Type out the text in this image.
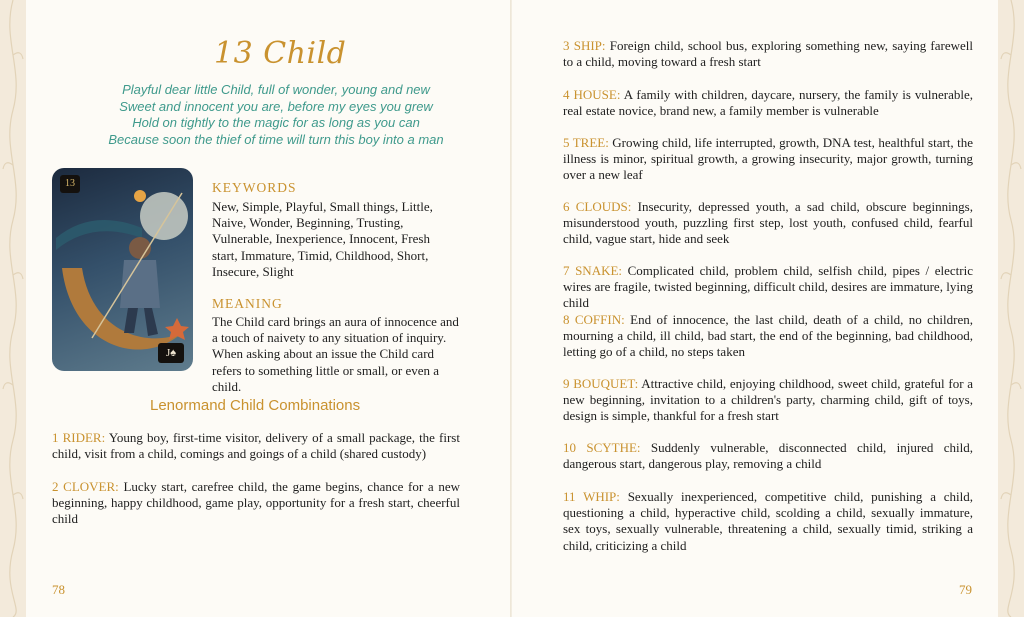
13 Child
Playful dear little Child, full of wonder, young and new
Sweet and innocent you are, before my eyes you grew
Hold on tightly to the magic for as long as you can
Because soon the thief of time will turn this boy into a man
13
J♠
KEYWORDS
New, Simple, Playful, Small things, Little, Naive, Wonder, Beginning, Trusting, Vulnerable, Inexperience, Innocent, Fresh start, Immature, Timid, Childhood, Short, Insecure, Slight
MEANING
The Child card brings an aura of innocence and a touch of naivety to any situation of inquiry. When asking about an issue the Child card refers to something little or small, or even a child.
Lenormand Child Combinations
1 RIDER: Young boy, first-time visitor, delivery of a small package, the first child, visit from a child, comings and goings of a child (shared custody)
2 CLOVER: Lucky start, carefree child, the game begins, chance for a new beginning, happy childhood, game play, opportunity for a fresh start, cheerful child
78
3 SHIP: Foreign child, school bus, exploring something new, saying farewell to a child, moving toward a fresh start
4 HOUSE: A family with children, daycare, nursery, the family is vulnerable, real estate novice, brand new, a family member is vulnerable
5 TREE: Growing child, life interrupted, growth, DNA test, healthful start, the illness is minor, spiritual growth, a growing insecurity, major growth, turning over a new leaf
6 CLOUDS: Insecurity, depressed youth, a sad child, obscure beginnings, misunderstood youth, puzzling first step, lost youth, confused child, fearful child, vague start, hide and seek
7 SNAKE: Complicated child, problem child, selfish child, pipes / electric wires are fragile, twisted beginning, difficult child, desires are immature, lying child
8 COFFIN: End of innocence, the last child, death of a child, no children, mourning a child, ill child, bad start, the end of the beginning, bad childhood, letting go of a child, no steps taken
9 BOUQUET: Attractive child, enjoying childhood, sweet child, grateful for a new beginning, invitation to a children's party, charming child, gift of toys, design is simple, thankful for a fresh start
10 SCYTHE: Suddenly vulnerable, disconnected child, injured child, dangerous start, dangerous play, removing a child
11 WHIP: Sexually inexperienced, competitive child, punishing a child, questioning a child, hyperactive child, scolding a child, sexually immature, sex toys, sexually vulnerable, threatening a child, sexually timid, striking a child, criticizing a child
79
